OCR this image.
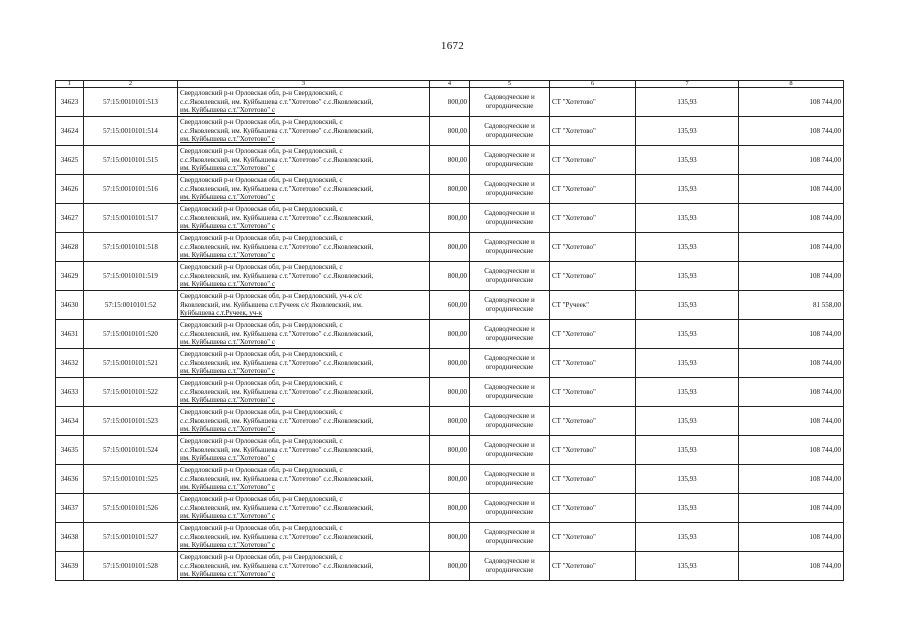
1672
1	2	3	4	5	6	7	8
34623	57:15:0010101:513	Свердловский р-н Орловская обл, р-н Свердловский, с
с.с.Яковлевский, им. Куйбышева с.т."Хотетово" с.с.Яковлевский,
им. Куйбышева с.т."Хотетово" с	800,00	Садоводческие и огороднические	СТ "Хотетово"	135,93	108 744,00
34624	57:15:0010101:514	Свердловский р-н Орловская обл, р-н Свердловский, с
с.с.Яковлевский, им. Куйбышева с.т."Хотетово" с.с.Яковлевский,
им. Куйбышева с.т."Хотетово" с	800,00	Садоводческие и огороднические	СТ "Хотетово"	135,93	108 744,00
34625	57:15:0010101:515	Свердловский р-н Орловская обл, р-н Свердловский, с
с.с.Яковлевский, им. Куйбышева с.т."Хотетово" с.с.Яковлевский,
им. Куйбышева с.т."Хотетово" с	800,00	Садоводческие и огороднические	СТ "Хотетово"	135,93	108 744,00
34626	57:15:0010101:516	Свердловский р-н Орловская обл, р-н Свердловский, с
с.с.Яковлевский, им. Куйбышева с.т."Хотетово" с.с.Яковлевский,
им. Куйбышева с.т."Хотетово" с	800,00	Садоводческие и огороднические	СТ "Хотетово"	135,93	108 744,00
34627	57:15:0010101:517	Свердловский р-н Орловская обл, р-н Свердловский, с
с.с.Яковлевский, им. Куйбышева с.т."Хотетово" с.с.Яковлевский,
им. Куйбышева с.т."Хотетово" с	800,00	Садоводческие и огороднические	СТ "Хотетово"	135,93	108 744,00
34628	57:15:0010101:518	Свердловский р-н Орловская обл, р-н Свердловский, с
с.с.Яковлевский, им. Куйбышева с.т."Хотетово" с.с.Яковлевский,
им. Куйбышева с.т."Хотетово" с	800,00	Садоводческие и огороднические	СТ "Хотетово"	135,93	108 744,00
34629	57:15:0010101:519	Свердловский р-н Орловская обл, р-н Свердловский, с
с.с.Яковлевский, им. Куйбышева с.т."Хотетово" с.с.Яковлевский,
им. Куйбышева с.т."Хотетово" с	800,00	Садоводческие и огороднические	СТ "Хотетово"	135,93	108 744,00
34630	57:15:0010101:52	Свердловский р-н Орловская обл, р-н Свердловский, уч-к с/с
Яковлевский, им. Куйбышева с.т.Ручеек с/с Яковлевский, им.
Куйбышева с.т.Ручеек, уч-к	600,00	Садоводческие и огороднические	СТ "Ручеек"	135,93	81 558,00
34631	57:15:0010101:520	Свердловский р-н Орловская обл, р-н Свердловский, с
с.с.Яковлевский, им. Куйбышева с.т."Хотетово" с.с.Яковлевский,
им. Куйбышева с.т."Хотетово" с	800,00	Садоводческие и огороднические	СТ "Хотетово"	135,93	108 744,00
34632	57:15:0010101:521	Свердловский р-н Орловская обл, р-н Свердловский, с
с.с.Яковлевский, им. Куйбышева с.т."Хотетово" с.с.Яковлевский,
им. Куйбышева с.т."Хотетово" с	800,00	Садоводческие и огороднические	СТ "Хотетово"	135,93	108 744,00
34633	57:15:0010101:522	Свердловский р-н Орловская обл, р-н Свердловский, с
с.с.Яковлевский, им. Куйбышева с.т."Хотетово" с.с.Яковлевский,
им. Куйбышева с.т."Хотетово" с	800,00	Садоводческие и огороднические	СТ "Хотетово"	135,93	108 744,00
34634	57:15:0010101:523	Свердловский р-н Орловская обл, р-н Свердловский, с
с.с.Яковлевский, им. Куйбышева с.т."Хотетово" с.с.Яковлевский,
им. Куйбышева с.т."Хотетово" с	800,00	Садоводческие и огороднические	СТ "Хотетово"	135,93	108 744,00
34635	57:15:0010101:524	Свердловский р-н Орловская обл, р-н Свердловский, с
с.с.Яковлевский, им. Куйбышева с.т."Хотетово" с.с.Яковлевский,
им. Куйбышева с.т."Хотетово" с	800,00	Садоводческие и огороднические	СТ "Хотетово"	135,93	108 744,00
34636	57:15:0010101:525	Свердловский р-н Орловская обл, р-н Свердловский, с
с.с.Яковлевский, им. Куйбышева с.т."Хотетово" с.с.Яковлевский,
им. Куйбышева с.т."Хотетово" с	800,00	Садоводческие и огороднические	СТ "Хотетово"	135,93	108 744,00
34637	57:15:0010101:526	Свердловский р-н Орловская обл, р-н Свердловский, с
с.с.Яковлевский, им. Куйбышева с.т."Хотетово" с.с.Яковлевский,
им. Куйбышева с.т."Хотетово" с	800,00	Садоводческие и огороднические	СТ "Хотетово"	135,93	108 744,00
34638	57:15:0010101:527	Свердловский р-н Орловская обл, р-н Свердловский, с
с.с.Яковлевский, им. Куйбышева с.т."Хотетово" с.с.Яковлевский,
им. Куйбышева с.т."Хотетово" с	800,00	Садоводческие и огороднические	СТ "Хотетово"	135,93	108 744,00
34639	57:15:0010101:528	Свердловский р-н Орловская обл, р-н Свердловский, с
с.с.Яковлевский, им. Куйбышева с.т."Хотетово" с.с.Яковлевский,
им. Куйбышева с.т."Хотетово" с	800,00	Садоводческие и огороднические	СТ "Хотетово"	135,93	108 744,00
